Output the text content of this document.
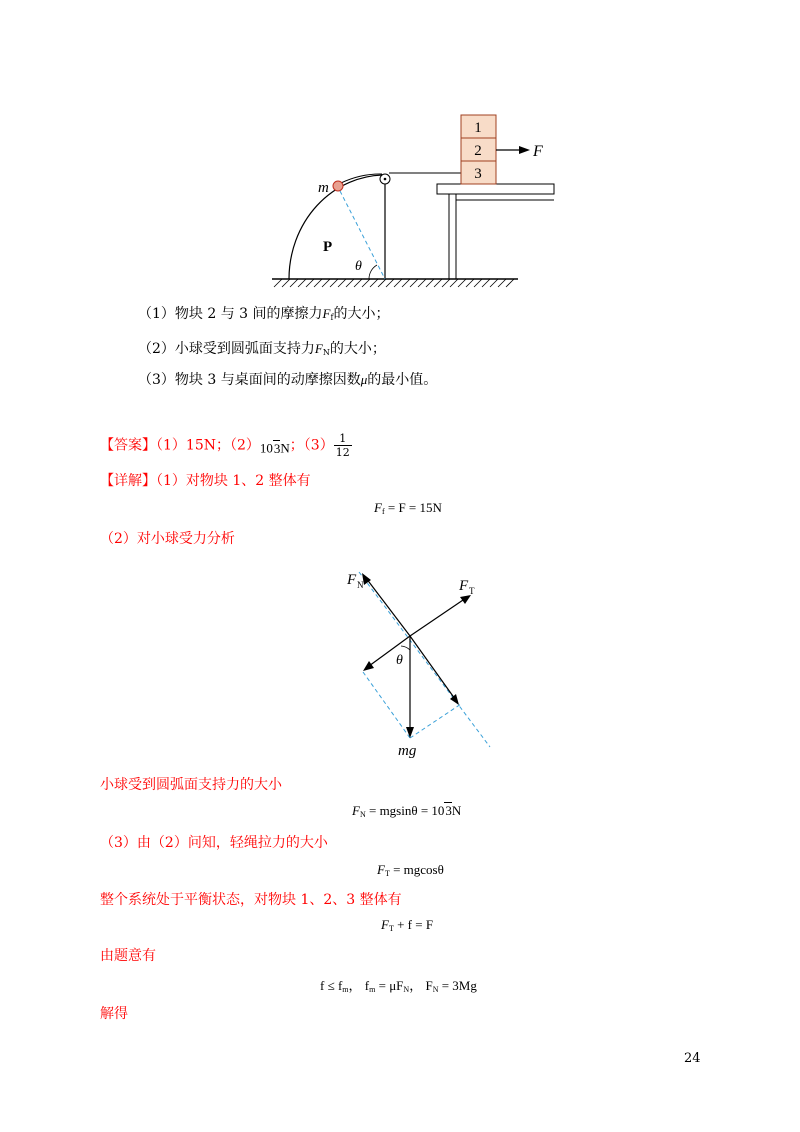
1
2
3
F
m
P
θ
（1）物块 2 与 3 间的摩擦力$F_f$的大小；
（2）小球受到圆弧面支持力$F_N$的大小；
（3）物块 3 与桌面间的动摩擦因数μ的最小值。
【答案】（1）15N；（2）103N；$(3) \frac{1}{12}$
【详解】（1）对物块 1、2 整体有
$F_f = F = 15N$
（2）对小球受力分析
F N	F T
θ
mg
小球受到圆弧面支持力的大小
$F_N = mgsin\theta = 103N$
（3）由（2）问知，轻绳拉力的大小
$F_T = mgcos\theta$
整个系统处于平衡状态，对物块 1、2、3 整体有
$F_T + f = F$
由题意有
$f \le f_m$， $f_m = \mu F_N$， $F_N = 3Mg$
解得
24
